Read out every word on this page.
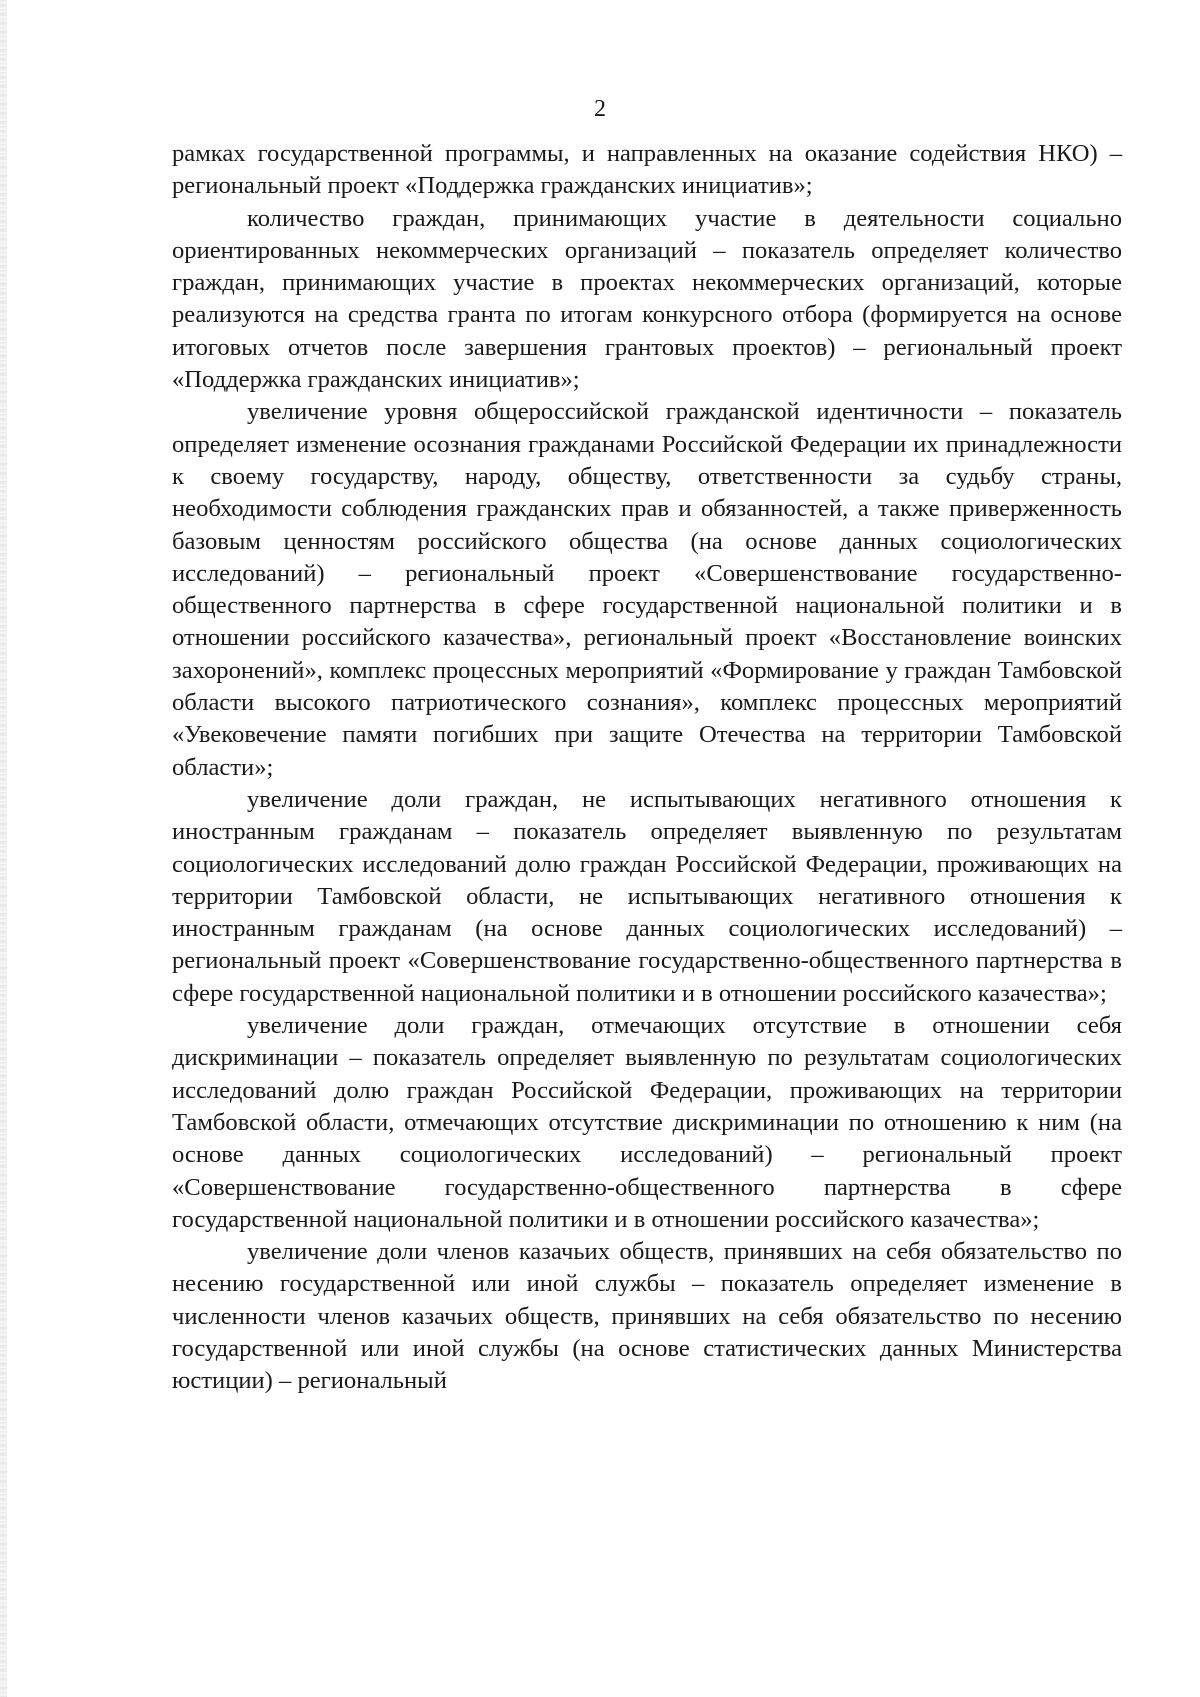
2

рамках государственной программы, и направленных на оказание содействия НКО) – региональный проект «Поддержка гражданских инициатив»;

количество граждан, принимающих участие в деятельности социально ориентированных некоммерческих организаций – показатель определяет количество граждан, принимающих участие в проектах некоммерческих организаций, которые реализуются на средства гранта по итогам конкурсного отбора (формируется на основе итоговых отчетов после завершения грантовых проектов) – региональный проект «Поддержка гражданских инициатив»;

увеличение уровня общероссийской гражданской идентичности – показатель определяет изменение осознания гражданами Российской Федерации их принадлежности к своему государству, народу, обществу, ответственности за судьбу страны, необходимости соблюдения гражданских прав и обязанностей, а также приверженность базовым ценностям российского общества (на основе данных социологических исследований) – региональный проект «Совершенствование государственно-общественного партнерства в сфере государственной национальной политики и в отношении российского казачества», региональный проект «Восстановление воинских захоронений», комплекс процессных мероприятий «Формирование у граждан Тамбовской области высокого патриотического сознания», комплекс процессных мероприятий «Увековечение памяти погибших при защите Отечества на территории Тамбовской области»;

увеличение доли граждан, не испытывающих негативного отношения к иностранным гражданам – показатель определяет выявленную по результатам социологических исследований долю граждан Российской Федерации, проживающих на территории Тамбовской области, не испытывающих негативного отношения к иностранным гражданам (на основе данных социологических исследований) – региональный проект «Совершенствование государственно-общественного партнерства в сфере государственной национальной политики и в отношении российского казачества»;

увеличение доли граждан, отмечающих отсутствие в отношении себя дискриминации – показатель определяет выявленную по результатам социологических исследований долю граждан Российской Федерации, проживающих на территории Тамбовской области, отмечающих отсутствие дискриминации по отношению к ним (на основе данных социологических исследований) – региональный проект «Совершенствование государственно-общественного партнерства в сфере государственной национальной политики и в отношении российского казачества»;

увеличение доли членов казачьих обществ, принявших на себя обязательство по несению государственной или иной службы – показатель определяет изменение в численности членов казачьих обществ, принявших на себя обязательство по несению государственной или иной службы (на основе статистических данных Министерства юстиции) – региональный
